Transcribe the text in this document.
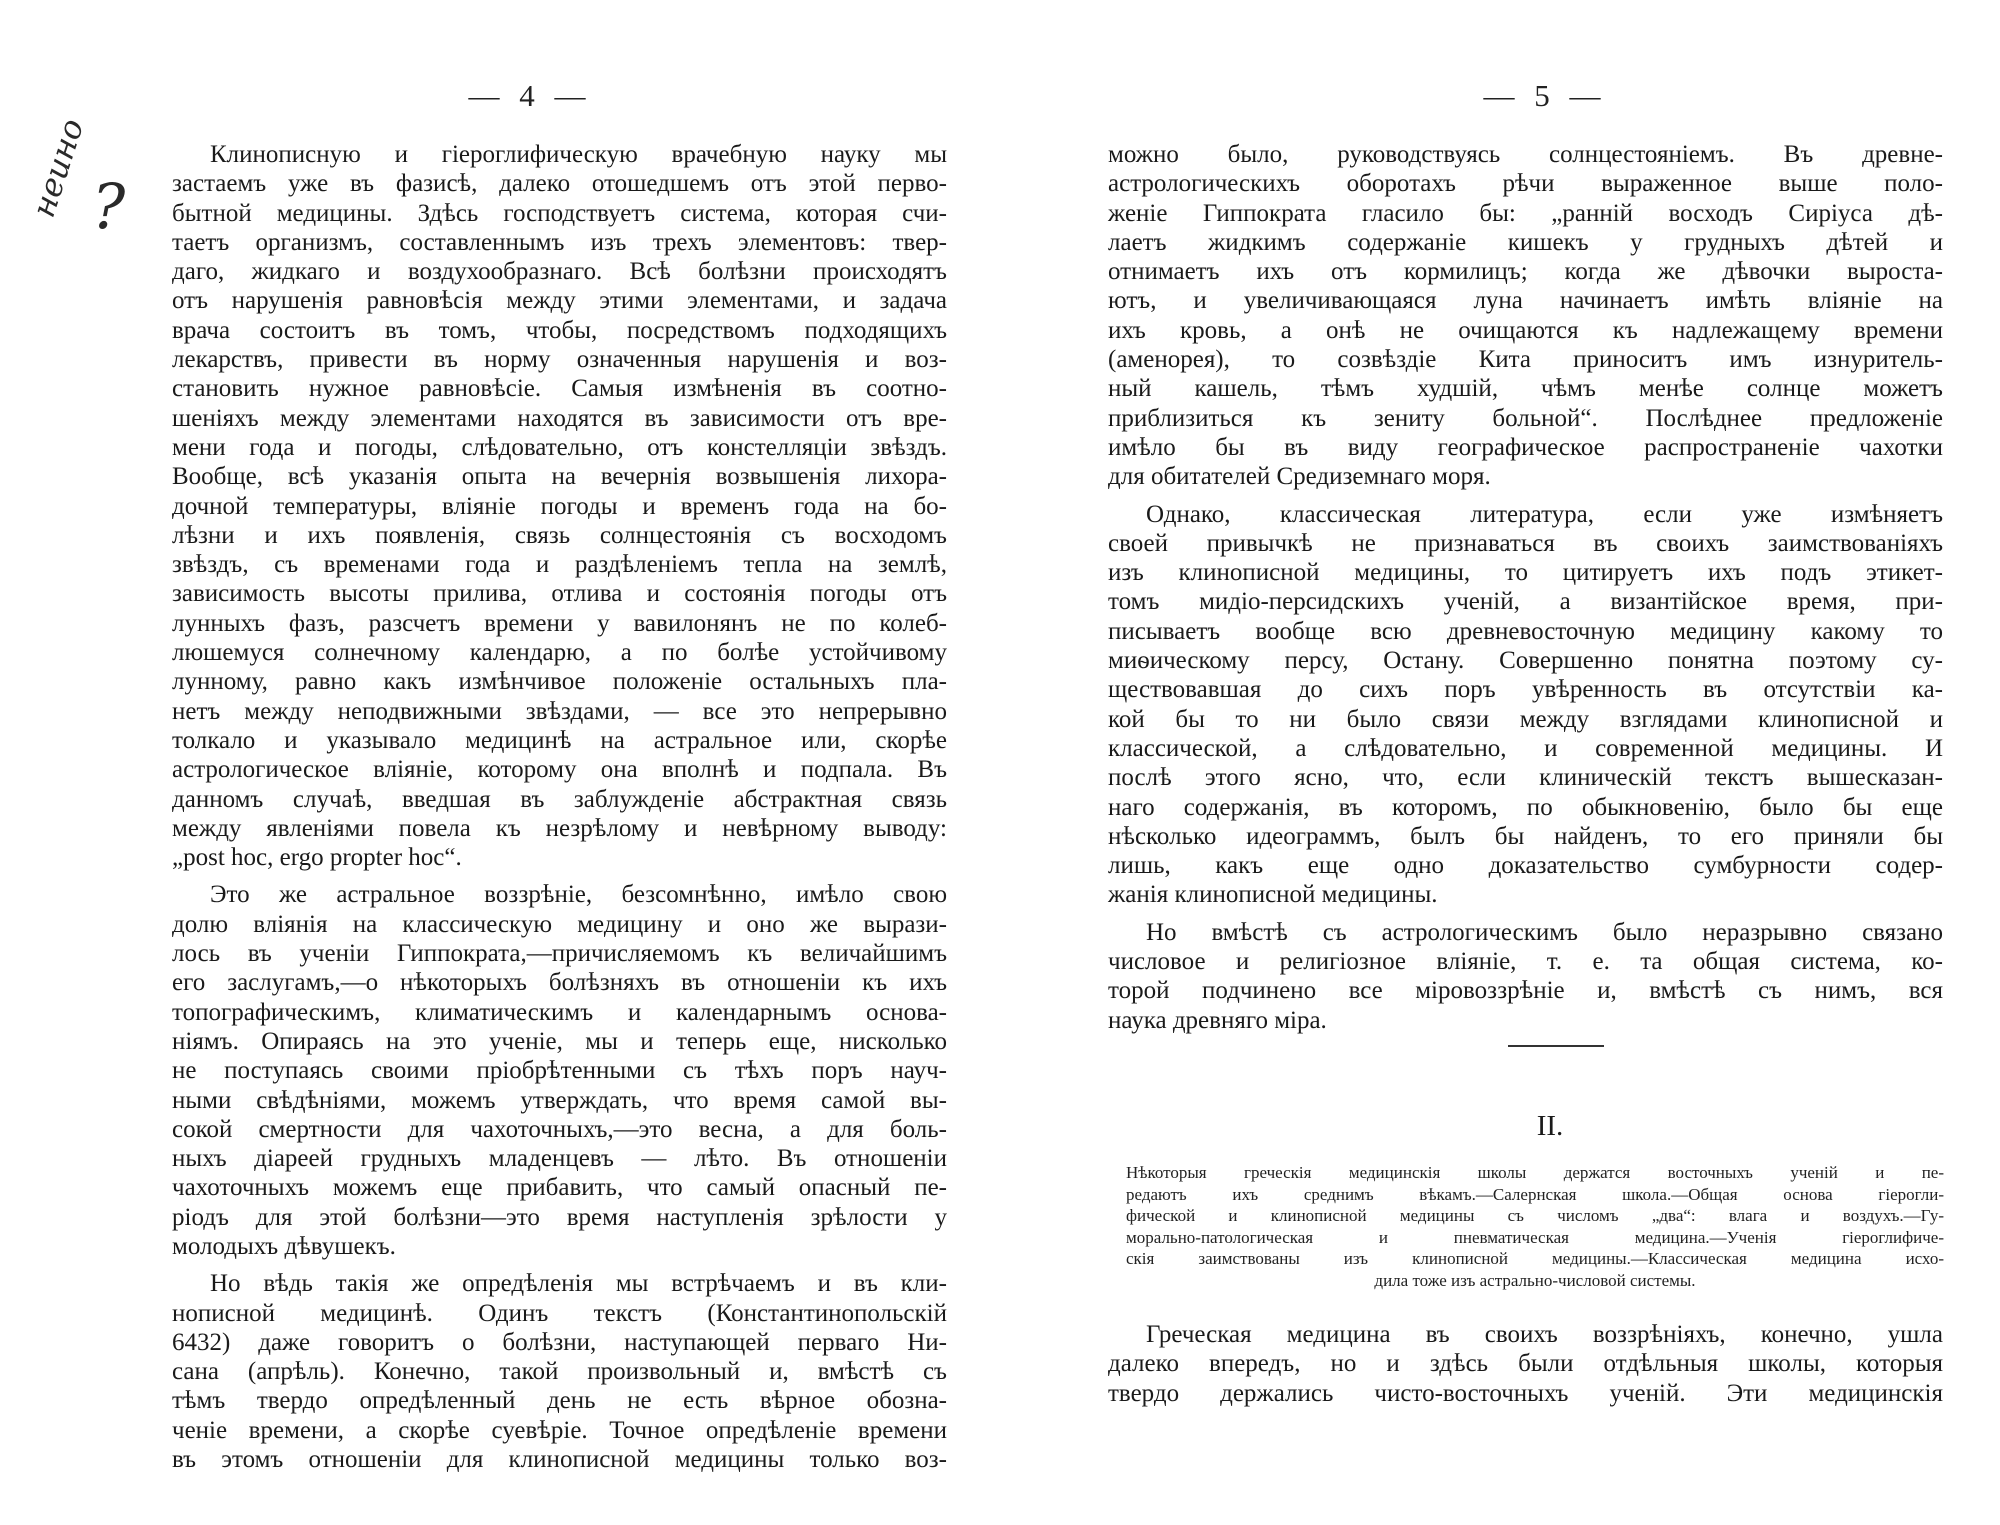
— 4 —
неино ?
Клинописную и гіероглифическую врачебную науку мы
застаемъ уже въ фазисѣ, далеко отошедшемъ отъ этой перво-
бытной медицины. Здѣсь господствуетъ система, которая счи-
таетъ организмъ, составленнымъ изъ трехъ элементовъ: твер-
даго, жидкаго и воздухообразнаго. Всѣ болѣзни происходятъ
отъ нарушенія равновѣсія между этими элементами, и задача
врача состоитъ въ томъ, чтобы, посредствомъ подходящихъ
лекарствъ, привести въ норму означенныя нарушенія и воз-
становить нужное равновѣсіе. Самыя измѣненія въ соотно-
шеніяхъ между элементами находятся въ зависимости отъ вре-
мени года и погоды, слѣдовательно, отъ констелляціи звѣздъ.
Вообще, всѣ указанія опыта на вечернія возвышенія лихора-
дочной температуры, вліяніе погоды и временъ года на бо-
лѣзни и ихъ появленія, связь солнцестоянія съ восходомъ
звѣздъ, съ временами года и раздѣленіемъ тепла на землѣ,
зависимость высоты прилива, отлива и состоянія погоды отъ
лунныхъ фазъ, разсчетъ времени у вавилонянъ не по колеб-
люшемуся солнечному календарю, а по болѣе устойчивому
лунному, равно какъ измѣнчивое положеніе остальныхъ пла-
нетъ между неподвижными звѣздами, — все это непрерывно
толкало и указывало медицинѣ на астральное или, скорѣе
астрологическое вліяніе, которому она вполнѣ и подпала. Въ
данномъ случаѣ, введшая въ заблужденіе абстрактная связь
между явленіями повела къ незрѣлому и невѣрному выводу:
„post hoc, ergo propter hoc“.
Это же астральное воззрѣніе, безсомнѣнно, имѣло свою
долю вліянія на классическую медицину и оно же вырази-
лось въ ученіи Гиппократа,—причисляемомъ къ величайшимъ
его заслугамъ,—о нѣкоторыхъ болѣзняхъ въ отношеніи къ ихъ
топографическимъ, климатическимъ и календарнымъ основа-
ніямъ. Опираясь на это ученіе, мы и теперь еще, нисколько
не поступаясь своими пріобрѣтенными съ тѣхъ поръ науч-
ными свѣдѣніями, можемъ утверждать, что время самой вы-
сокой смертности для чахоточныхъ,—это весна, а для боль-
ныхъ діареей грудныхъ младенцевъ — лѣто. Въ отношеніи
чахоточныхъ можемъ еще прибавить, что самый опасный пе-
ріодъ для этой болѣзни—это время наступленія зрѣлости у
молодыхъ дѣвушекъ.
Но вѣдь такія же опредѣленія мы встрѣчаемъ и въ кли-
нописной медицинѣ. Одинъ текстъ (Константинопольскій
6432) даже говоритъ о болѣзни, наступающей перваго Ни-
сана (апрѣль). Конечно, такой произвольный и, вмѣстѣ съ
тѣмъ твердо опредѣленный день не есть вѣрное обозна-
ченіе времени, а скорѣе суевѣріе. Точное опредѣленіе времени
въ этомъ отношеніи для клинописной медицины только воз-
— 5 —
можно было, руководствуясь солнцестояніемъ. Въ древне-
астрологическихъ оборотахъ рѣчи выраженное выше поло-
женіе Гиппократа гласило бы: „ранній восходъ Сиріуса дѣ-
лаетъ жидкимъ содержаніе кишекъ у грудныхъ дѣтей и
отнимаетъ ихъ отъ кормилицъ; когда же дѣвочки выроста-
ютъ, и увеличивающаяся луна начинаетъ имѣть вліяніе на
ихъ кровь, а онѣ не очищаются къ надлежащему времени
(аменорея), то созвѣздіе Кита приноситъ имъ изнуритель-
ный кашель, тѣмъ худшій, чѣмъ менѣе солнце можетъ
приблизиться къ зениту больной“. Послѣднее предложеніе
имѣло бы въ виду географическое распространеніе чахотки
для обитателей Средиземнаго моря.
Однако, классическая литература, если уже измѣняетъ
своей привычкѣ не признаваться въ своихъ заимствованіяхъ
изъ клинописной медицины, то цитируетъ ихъ подъ этикет-
томъ мидіо-персидскихъ ученій, а византійское время, при-
писываетъ вообще всю древневосточную медицину какому то
миѳическому персу, Остану. Совершенно понятна поэтому су-
ществовавшая до сихъ поръ увѣренность въ отсутствіи ка-
кой бы то ни было связи между взглядами клинописной и
классической, а слѣдовательно, и современной медицины. И
послѣ этого ясно, что, если клиническій текстъ вышесказан-
наго содержанія, въ которомъ, по обыкновенію, было бы еще
нѣсколько идеограммъ, былъ бы найденъ, то его приняли бы
лишь, какъ еще одно доказательство сумбурности содер-
жанія клинописной медицины.
Но вмѣстѣ съ астрологическимъ было неразрывно связано
числовое и религіозное вліяніе, т. е. та общая система, ко-
торой подчинено все міровоззрѣніе и, вмѣстѣ съ нимъ, вся
наука древняго міра.
II.
Нѣкоторыя греческія медицинскія школы держатся восточныхъ ученій и пе-
редаютъ ихъ среднимъ вѣкамъ.—Салернская школа.—Общая основа гіерогли-
фической и клинописной медицины съ числомъ „два“: влага и воздухъ.—Гу-
морально-патологическая и пневматическая медицина.—Ученія гіероглифиче-
скія заимствованы изъ клинописной медицины.—Классическая медицина исхо-
дила тоже изъ астрально-числовой системы.
Греческая медицина въ своихъ воззрѣніяхъ, конечно, ушла
далеко впередъ, но и здѣсь были отдѣльныя школы, которыя
твердо держались чисто-восточныхъ ученій. Эти медицинскія
